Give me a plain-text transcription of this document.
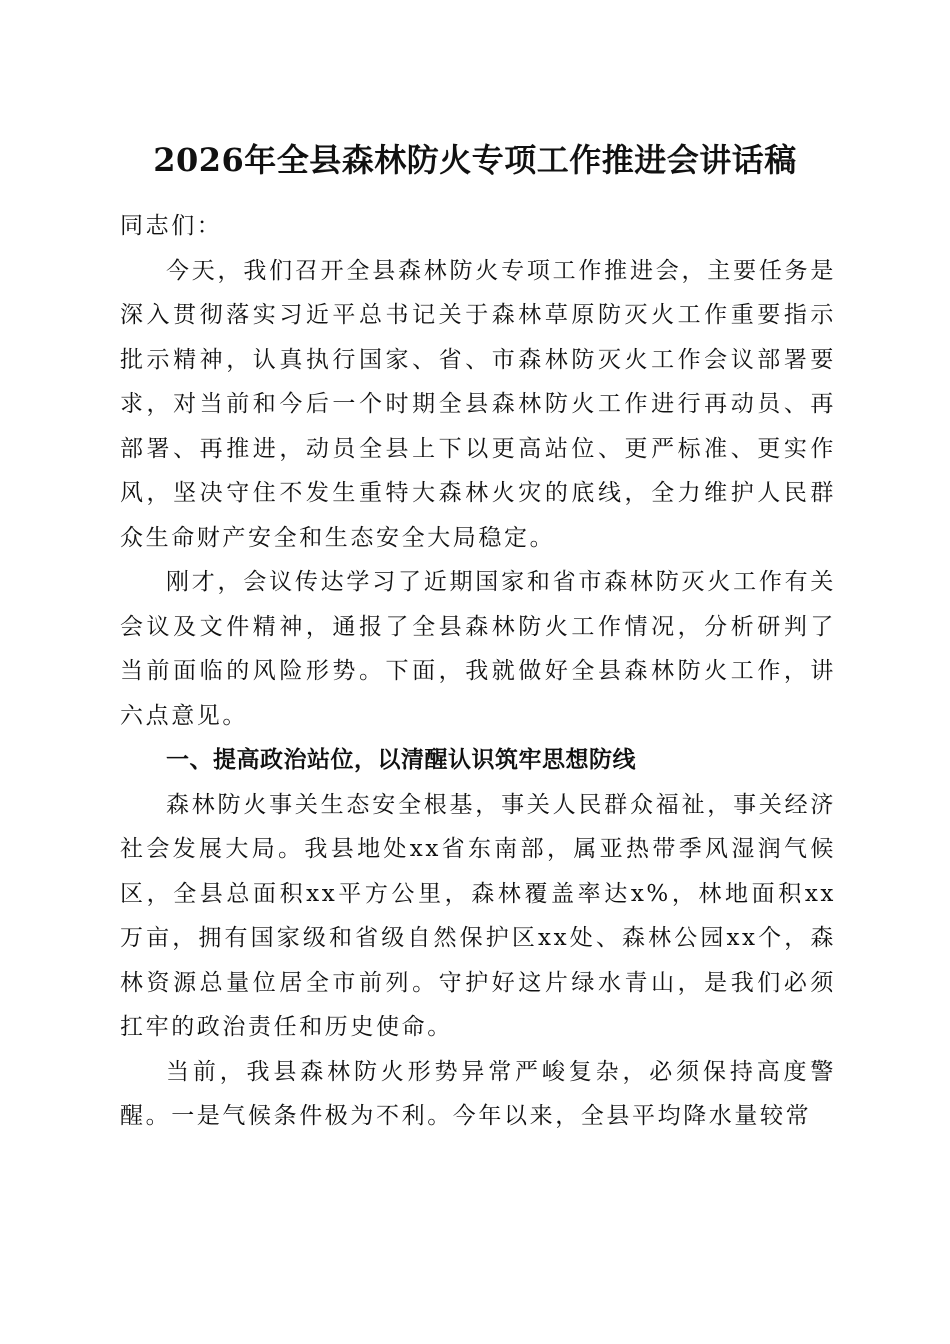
2026年全县森林防火专项工作推进会讲话稿

同志们：

今天，我们召开全县森林防火专项工作推进会，主要任务是深入贯彻落实习近平总书记关于森林草原防灭火工作重要指示批示精神，认真执行国家、省、市森林防灭火工作会议部署要求，对当前和今后一个时期全县森林防火工作进行再动员、再部署、再推进，动员全县上下以更高站位、更严标准、更实作风，坚决守住不发生重特大森林火灾的底线，全力维护人民群众生命财产安全和生态安全大局稳定。

刚才，会议传达学习了近期国家和省市森林防灭火工作有关会议及文件精神，通报了全县森林防火工作情况，分析研判了当前面临的风险形势。下面，我就做好全县森林防火工作，讲六点意见。

一、提高政治站位，以清醒认识筑牢思想防线

森林防火事关生态安全根基，事关人民群众福祉，事关经济社会发展大局。我县地处xx省东南部，属亚热带季风湿润气候区，全县总面积xx平方公里，森林覆盖率达x%，林地面积xx万亩，拥有国家级和省级自然保护区xx处、森林公园xx个，森林资源总量位居全市前列。守护好这片绿水青山，是我们必须扛牢的政治责任和历史使命。

当前，我县森林防火形势异常严峻复杂，必须保持高度警醒。一是气候条件极为不利。今年以来，全县平均降水量较常
